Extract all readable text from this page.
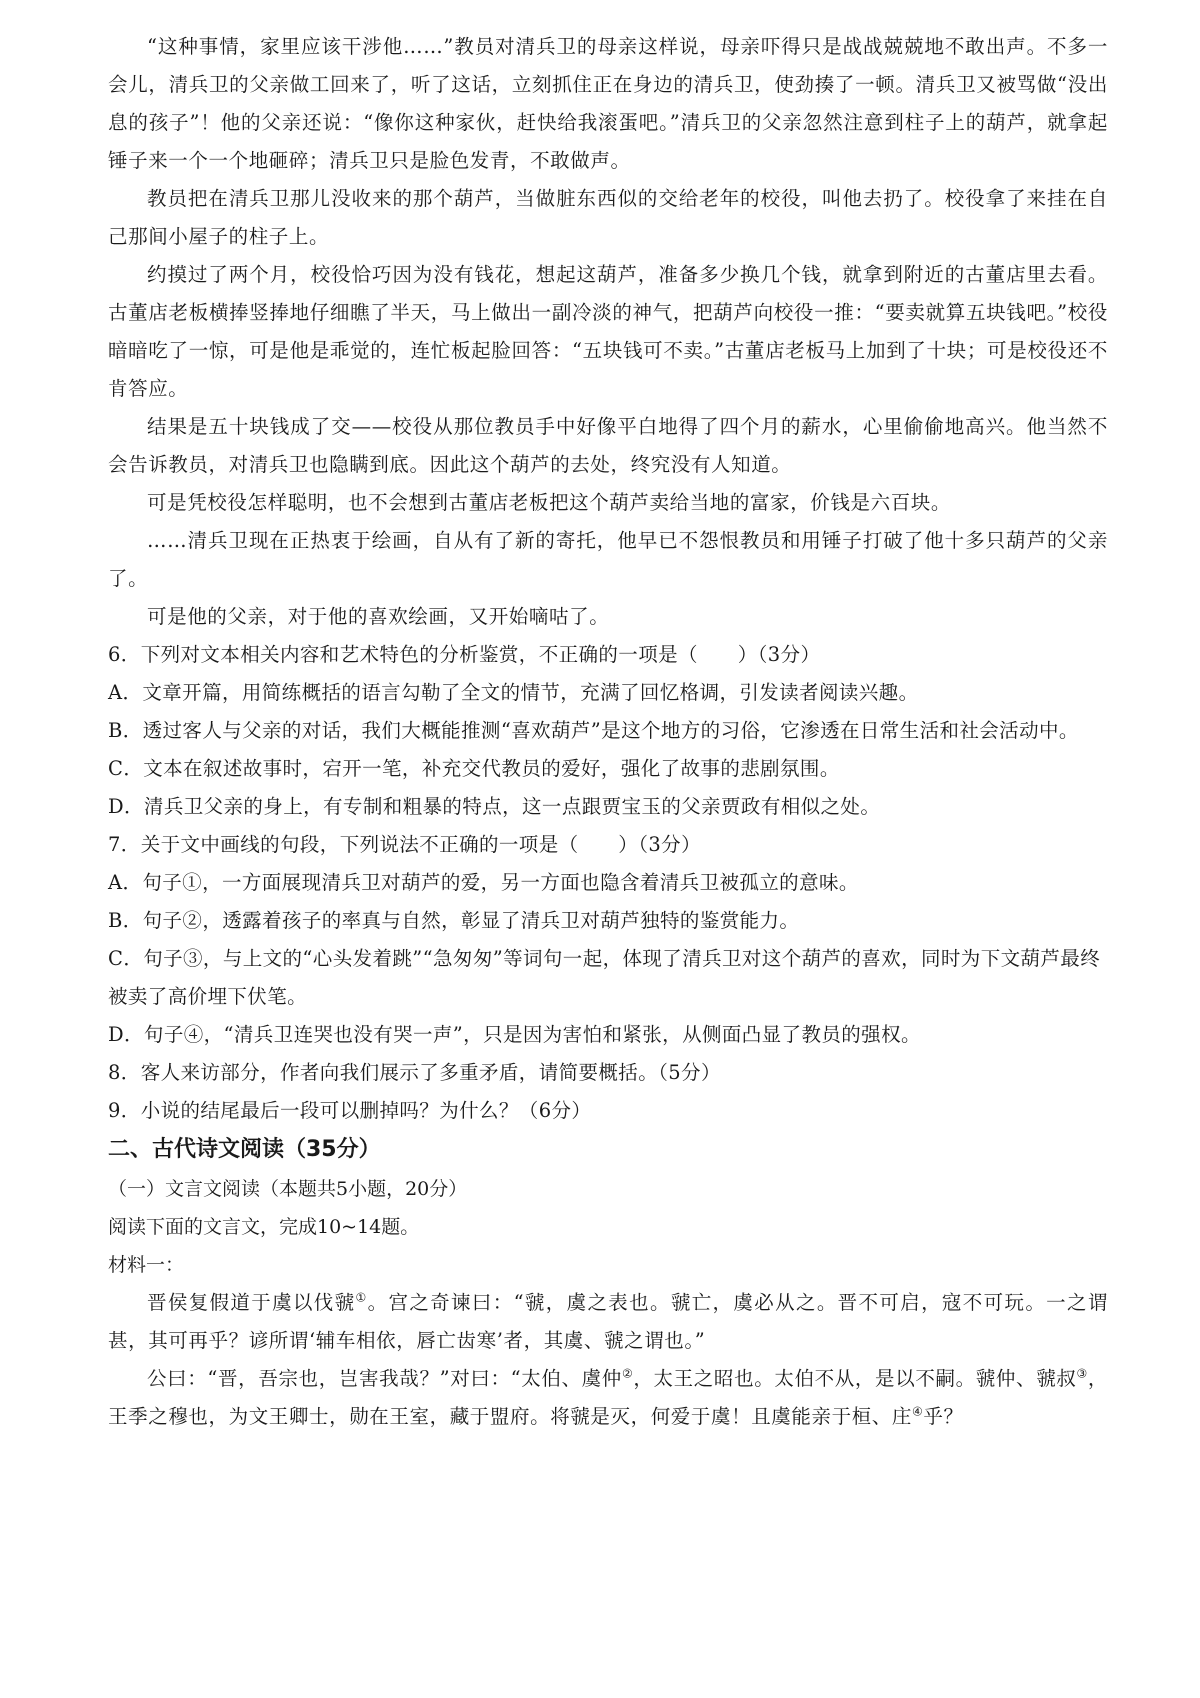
“这种事情，家里应该干涉他……”教员对清兵卫的母亲这样说，母亲吓得只是战战兢兢地不敢出声。不多一会儿，清兵卫的父亲做工回来了，听了这话，立刻抓住正在身边的清兵卫，使劲揍了一顿。清兵卫又被骂做“没出息的孩子”！他的父亲还说：“像你这种家伙，赶快给我滚蛋吧。”清兵卫的父亲忽然注意到柱子上的葫芦，就拿起锤子来一个一个地砸碎；清兵卫只是脸色发青，不敢做声。

教员把在清兵卫那儿没收来的那个葫芦，当做脏东西似的交给老年的校役，叫他去扔了。校役拿了来挂在自己那间小屋子的柱子上。

约摸过了两个月，校役恰巧因为没有钱花，想起这葫芦，准备多少换几个钱，就拿到附近的古董店里去看。古董店老板横捧竖捧地仔细瞧了半天，马上做出一副冷淡的神气，把葫芦向校役一推：“要卖就算五块钱吧。”校役暗暗吃了一惊，可是他是乖觉的，连忙板起脸回答：“五块钱可不卖。”古董店老板马上加到了十块；可是校役还不肯答应。

结果是五十块钱成了交——校役从那位教员手中好像平白地得了四个月的薪水，心里偷偷地高兴。他当然不会告诉教员，对清兵卫也隐瞒到底。因此这个葫芦的去处，终究没有人知道。

可是凭校役怎样聪明，也不会想到古董店老板把这个葫芦卖给当地的富家，价钱是六百块。

……清兵卫现在正热衷于绘画，自从有了新的寄托，他早已不怨恨教员和用锤子打破了他十多只葫芦的父亲了。

可是他的父亲，对于他的喜欢绘画，又开始嘀咕了。

6．下列对文本相关内容和艺术特色的分析鉴赏，不正确的一项是（　　）（3分）

A．文章开篇，用简练概括的语言勾勒了全文的情节，充满了回忆格调，引发读者阅读兴趣。

B．透过客人与父亲的对话，我们大概能推测“喜欢葫芦”是这个地方的习俗，它渗透在日常生活和社会活动中。

C．文本在叙述故事时，宕开一笔，补充交代教员的爱好，强化了故事的悲剧氛围。

D．清兵卫父亲的身上，有专制和粗暴的特点，这一点跟贾宝玉的父亲贾政有相似之处。

7．关于文中画线的句段，下列说法不正确的一项是（　　）（3分）

A．句子①，一方面展现清兵卫对葫芦的爱，另一方面也隐含着清兵卫被孤立的意味。

B．句子②，透露着孩子的率真与自然，彰显了清兵卫对葫芦独特的鉴赏能力。

C．句子③，与上文的“心头发着跳”“急匆匆”等词句一起，体现了清兵卫对这个葫芦的喜欢，同时为下文葫芦最终被卖了高价埋下伏笔。

D．句子④，“清兵卫连哭也没有哭一声”，只是因为害怕和紧张，从侧面凸显了教员的强权。

8．客人来访部分，作者向我们展示了多重矛盾，请简要概括。（5分）

9．小说的结尾最后一段可以删掉吗？为什么？（6分）

二、古代诗文阅读（35分）

（一）文言文阅读（本题共5小题，20分）

阅读下面的文言文，完成10~14题。

材料一：

晋侯复假道于虞以伐虢①。宫之奇谏曰：“虢，虞之表也。虢亡，虞必从之。晋不可启，寇不可玩。一之谓甚，其可再乎？谚所谓‘辅车相依，唇亡齿寒’者，其虞、虢之谓也。”

公曰：“晋，吾宗也，岂害我哉？”对曰：“太伯、虞仲②，太王之昭也。太伯不从，是以不嗣。虢仲、虢叔③，王季之穆也，为文王卿士，勋在王室，藏于盟府。将虢是灭，何爱于虞！且虞能亲于桓、庄④乎？
